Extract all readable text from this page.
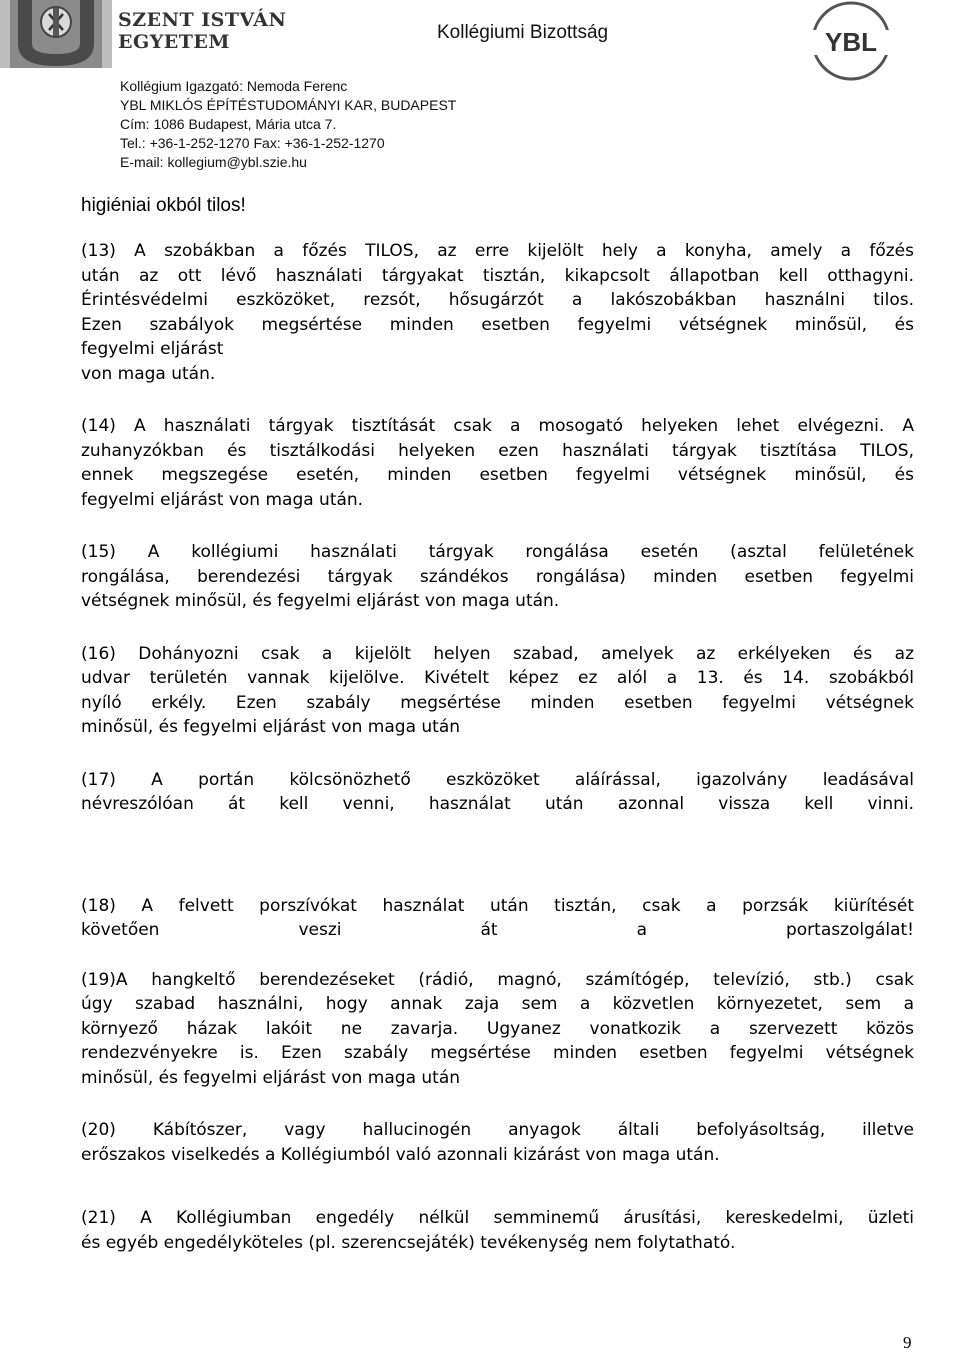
SZENT ISTVÁN
EGYETEM	Kollégiumi Bizottság	YBL
Kollégium Igazgató: Nemoda Ferenc
YBL MIKLÓS ÉPÍTÉSTUDOMÁNYI KAR, BUDAPEST
Cím: 1086 Budapest, Mária utca 7.
Tel.: +36-1-252-1270 Fax: +36-1-252-1270
E-mail: kollegium@ybl.szie.hu
higiéniai okból tilos!
(13) A szobákban a főzés TILOS, az erre kijelölt hely a konyha, amely a főzés
után az ott lévő használati tárgyakat tisztán, kikapcsolt állapotban kell otthagyni.
Érintésvédelmi eszközöket, rezsót, hősugárzót a lakószobákban használni tilos.
Ezen szabályok megsértése minden esetben fegyelmi vétségnek minősül, és
fegyelmi eljárást
von maga után.
(14) A használati tárgyak tisztítását csak a mosogató helyeken lehet elvégezni. A
zuhanyzókban és tisztálkodási helyeken ezen használati tárgyak tisztítása TILOS,
ennek megszegése esetén, minden esetben fegyelmi vétségnek minősül, és
fegyelmi eljárást von maga után.
(15) A kollégiumi használati tárgyak rongálása esetén (asztal felületének
rongálása, berendezési tárgyak szándékos rongálása) minden esetben fegyelmi
vétségnek minősül, és fegyelmi eljárást von maga után.
(16) Dohányozni csak a kijelölt helyen szabad, amelyek az erkélyeken és az
udvar területén vannak kijelölve. Kivételt képez ez alól a 13. és 14. szobákból
nyíló erkély. Ezen szabály megsértése minden esetben fegyelmi vétségnek
minősül, és fegyelmi eljárást von maga után
(17) A portán kölcsönözhető eszközöket aláírással, igazolvány leadásával
névreszólóan át kell venni, használat után azonnal vissza kell vinni.
(18) A felvett porszívókat használat után tisztán, csak a porzsák kiürítését
követően veszi át a portaszolgálat!
(19)A hangkeltő berendezéseket (rádió, magnó, számítógép, televízió, stb.) csak
úgy szabad használni, hogy annak zaja sem a közvetlen környezetet, sem a
környező házak lakóit ne zavarja. Ugyanez vonatkozik a szervezett közös
rendezvényekre is. Ezen szabály megsértése minden esetben fegyelmi vétségnek
minősül, és fegyelmi eljárást von maga után
(20) Kábítószer, vagy hallucinogén anyagok általi befolyásoltság, illetve
erőszakos viselkedés a Kollégiumból való azonnali kizárást von maga után.
(21) A Kollégiumban engedély nélkül semminemű árusítási, kereskedelmi, üzleti
és egyéb engedélyköteles (pl. szerencsejáték) tevékenység nem folytatható.
9
